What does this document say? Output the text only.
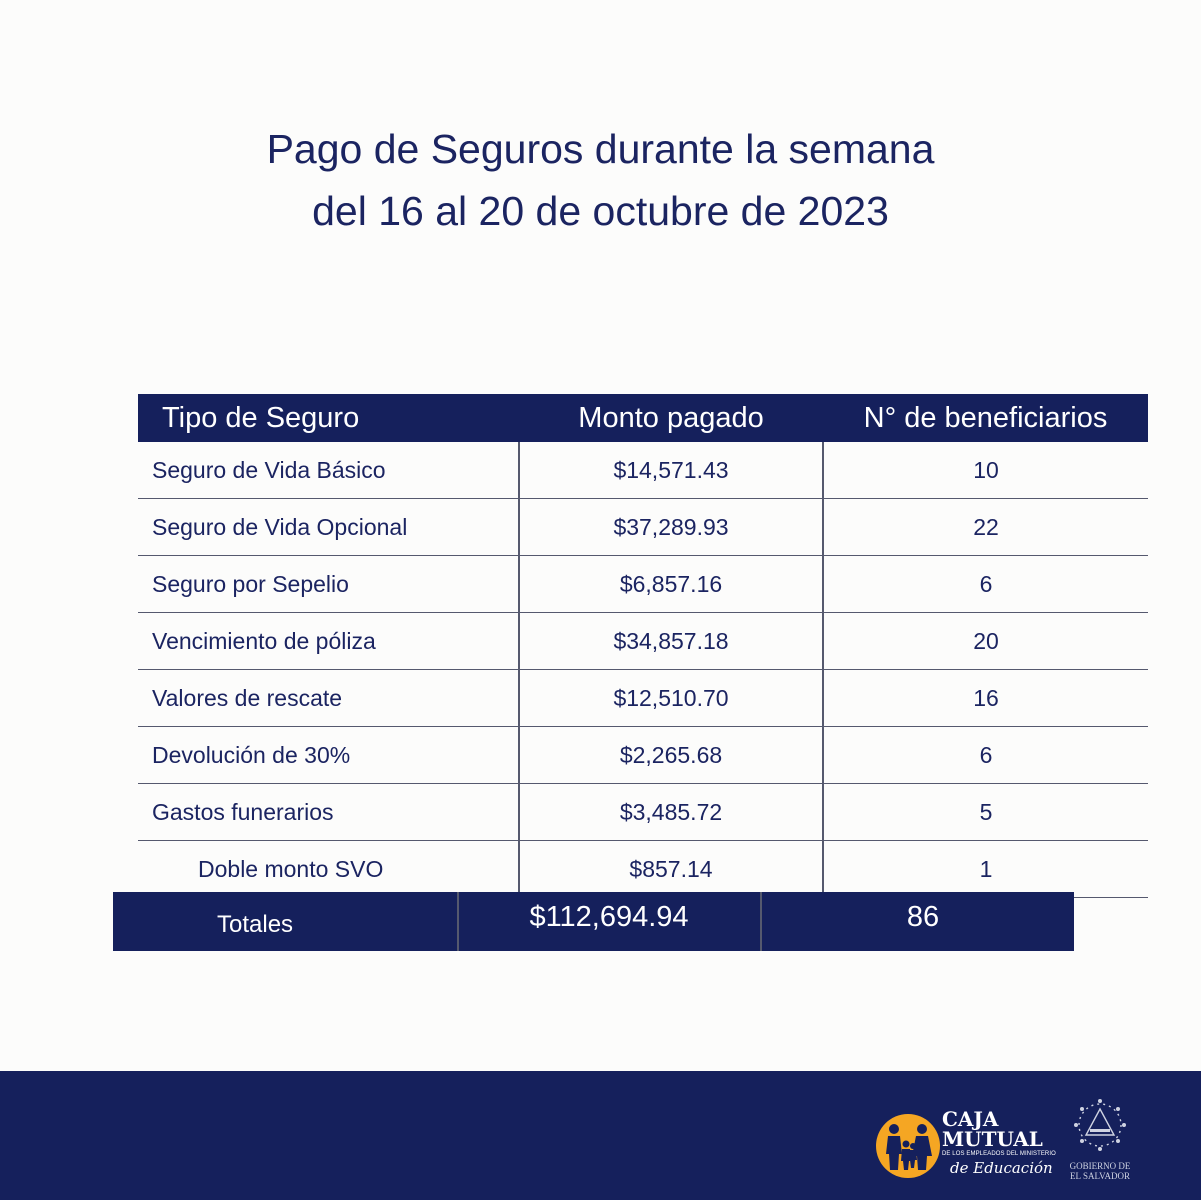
Pago de Seguros durante la semana
del 16 al 20 de octubre de 2023
Tipo de Seguro	Monto pagado	N° de beneficiarios
Seguro de Vida Básico	$14,571.43	10
Seguro de Vida Opcional	$37,289.93	22
Seguro por Sepelio	$6,857.16	6
Vencimiento de póliza	$34,857.18	20
Valores de rescate	$12,510.70	16
Devolución de 30%	$2,265.68	6
Gastos funerarios	$3,485.72	5
Doble monto SVO	$857.14	1
Totales	$112,694.94	86
CAJA
MUTUAL
DE LOS EMPLEADOS DEL MINISTERIO
de Educación	GOBIERNO DE
EL SALVADOR
